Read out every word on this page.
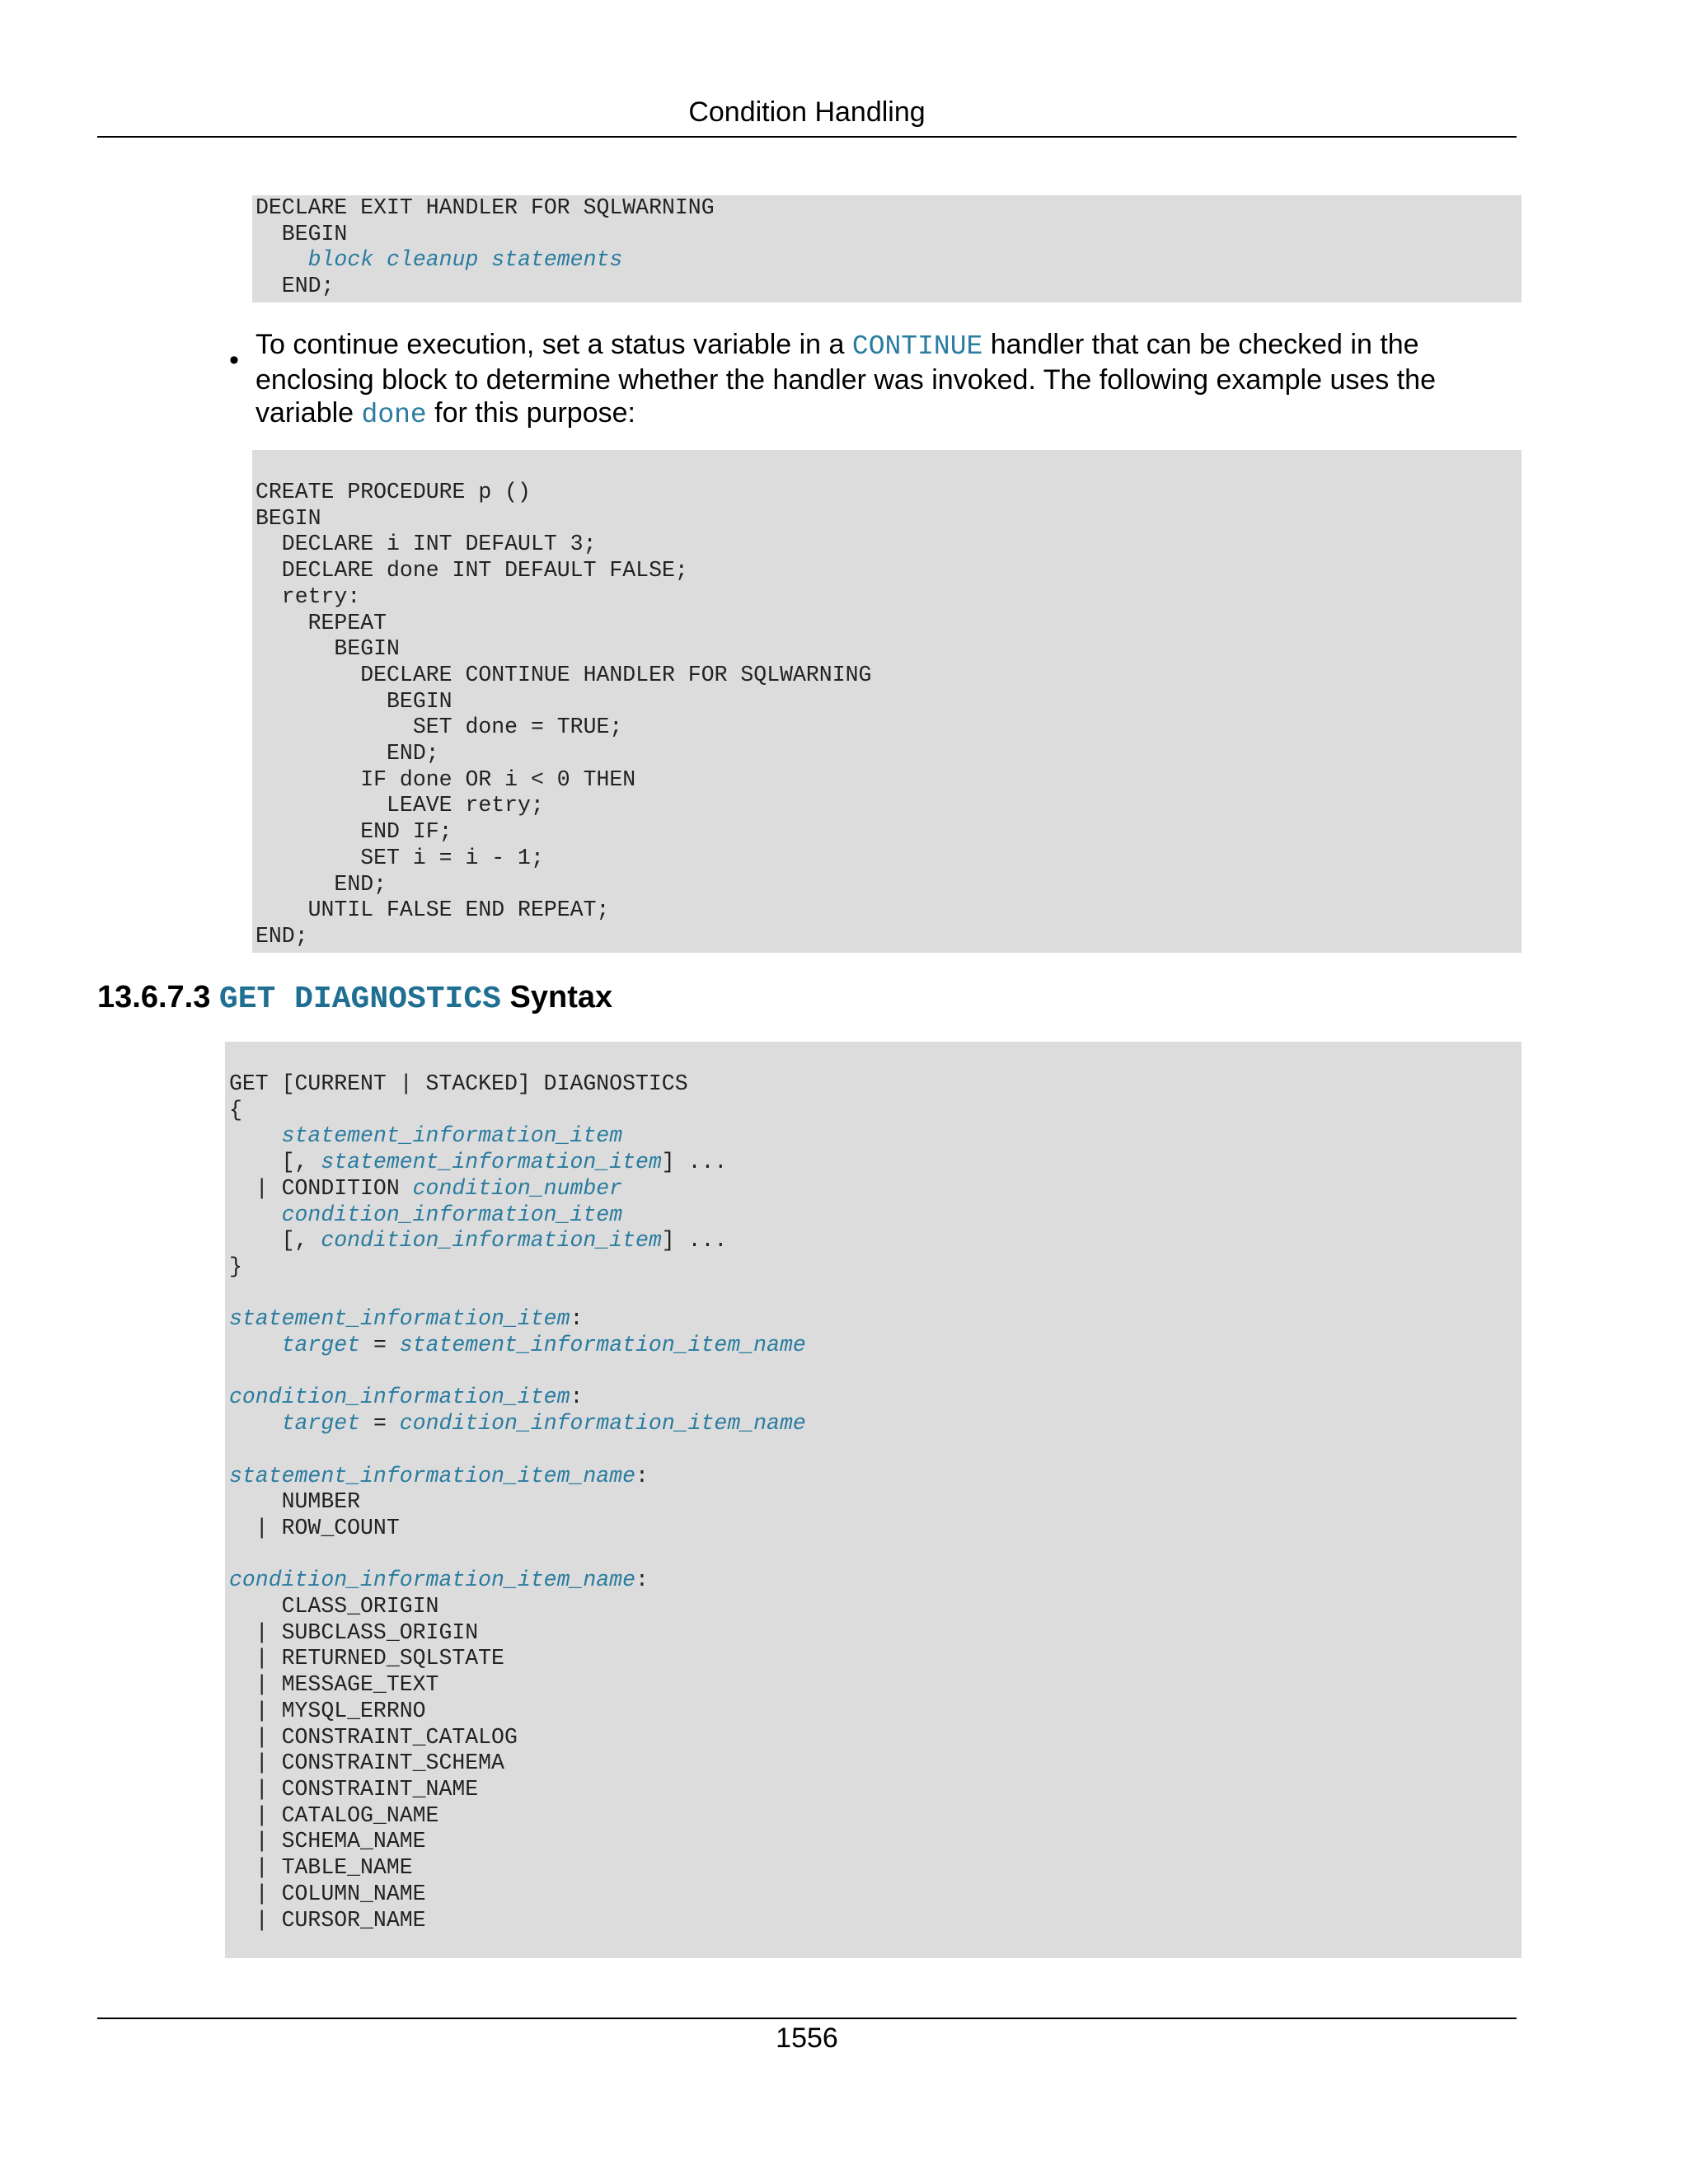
Condition Handling
DECLARE EXIT HANDLER FOR SQLWARNING
BEGIN
block cleanup statements
END;
• To continue execution, set a status variable in a CONTINUE handler that can be checked in the enclosing block to determine whether the handler was invoked. The following example uses the variable done for this purpose:
CREATE PROCEDURE p ()
BEGIN
DECLARE i INT DEFAULT 3;
DECLARE done INT DEFAULT FALSE;
retry:
REPEAT
BEGIN
DECLARE CONTINUE HANDLER FOR SQLWARNING
BEGIN
SET done = TRUE;
END;
IF done OR i < 0 THEN
LEAVE retry;
END IF;
SET i = i - 1;
END;
UNTIL FALSE END REPEAT;
END;
13.6.7.3 GET DIAGNOSTICS Syntax
GET [CURRENT | STACKED] DIAGNOSTICS
{
statement_information_item
[, statement_information_item] ...
| CONDITION condition_number
condition_information_item
[, condition_information_item] ...
}

statement_information_item:
target = statement_information_item_name

condition_information_item:
target = condition_information_item_name

statement_information_item_name:
NUMBER
| ROW_COUNT

condition_information_item_name:
CLASS_ORIGIN
| SUBCLASS_ORIGIN
| RETURNED_SQLSTATE
| MESSAGE_TEXT
| MYSQL_ERRNO
| CONSTRAINT_CATALOG
| CONSTRAINT_SCHEMA
| CONSTRAINT_NAME
| CATALOG_NAME
| SCHEMA_NAME
| TABLE_NAME
| COLUMN_NAME
| CURSOR_NAME
1556
